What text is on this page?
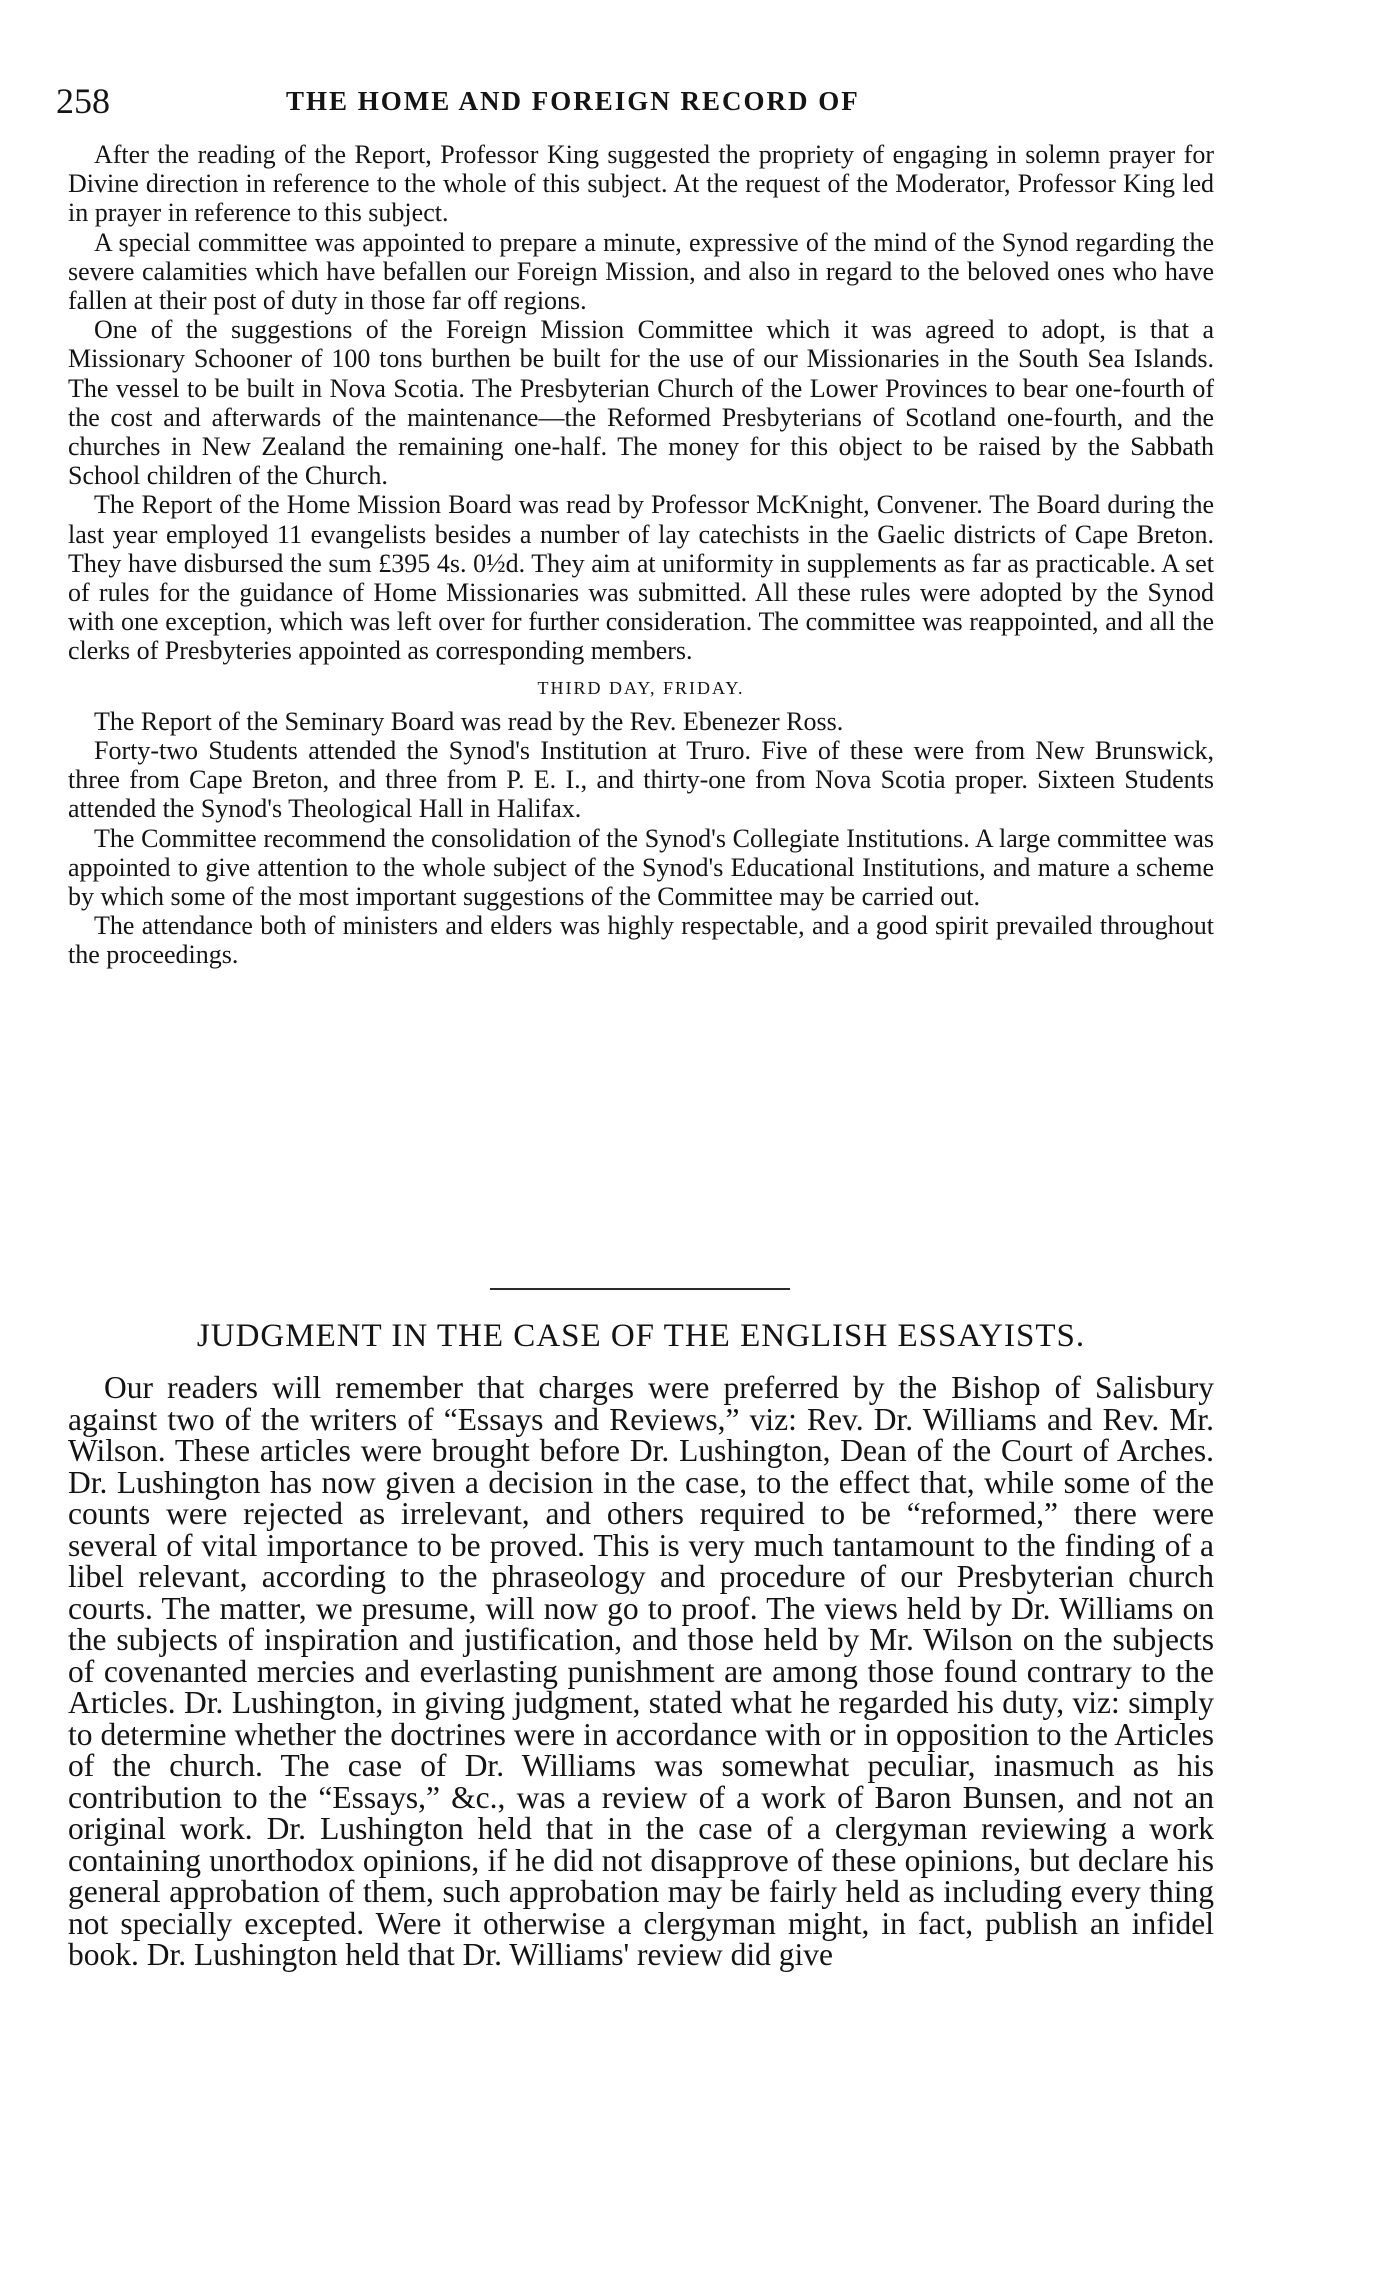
258	THE HOME AND FOREIGN RECORD OF

After the reading of the Report, Professor King suggested the propriety of engaging in solemn prayer for Divine direction in reference to the whole of this subject. At the request of the Moderator, Professor King led in prayer in reference to this subject.

A special committee was appointed to prepare a minute, expressive of the mind of the Synod regarding the severe calamities which have befallen our Foreign Mission, and also in regard to the beloved ones who have fallen at their post of duty in those far off regions.

One of the suggestions of the Foreign Mission Committee which it was agreed to adopt, is that a Missionary Schooner of 100 tons burthen be built for the use of our Missionaries in the South Sea Islands. The vessel to be built in Nova Scotia. The Presbyterian Church of the Lower Provinces to bear one-fourth of the cost and afterwards of the maintenance—the Reformed Presbyterians of Scotland one-fourth, and the churches in New Zealand the remaining one-half. The money for this object to be raised by the Sabbath School children of the Church.

The Report of the Home Mission Board was read by Professor McKnight, Convener. The Board during the last year employed 11 evangelists besides a number of lay catechists in the Gaelic districts of Cape Breton. They have disbursed the sum £395 4s. 0½d. They aim at uniformity in supplements as far as practicable. A set of rules for the guidance of Home Missionaries was submitted. All these rules were adopted by the Synod with one exception, which was left over for further consideration. The committee was reappointed, and all the clerks of Presbyteries appointed as corresponding members.

THIRD DAY, FRIDAY.

The Report of the Seminary Board was read by the Rev. Ebenezer Ross.

Forty-two Students attended the Synod's Institution at Truro. Five of these were from New Brunswick, three from Cape Breton, and three from P. E. I., and thirty-one from Nova Scotia proper. Sixteen Students attended the Synod's Theological Hall in Halifax.

The Committee recommend the consolidation of the Synod's Collegiate Institutions. A large committee was appointed to give attention to the whole subject of the Synod's Educational Institutions, and mature a scheme by which some of the most important suggestions of the Committee may be carried out.

The attendance both of ministers and elders was highly respectable, and a good spirit prevailed throughout the proceedings.

JUDGMENT IN THE CASE OF THE ENGLISH ESSAYISTS.

Our readers will remember that charges were preferred by the Bishop of Salisbury against two of the writers of “Essays and Reviews,” viz: Rev. Dr. Williams and Rev. Mr. Wilson. These articles were brought before Dr. Lushington, Dean of the Court of Arches. Dr. Lushington has now given a decision in the case, to the effect that, while some of the counts were rejected as irrelevant, and others required to be “reformed,” there were several of vital importance to be proved. This is very much tantamount to the finding of a libel relevant, according to the phraseology and procedure of our Presbyterian church courts. The matter, we presume, will now go to proof. The views held by Dr. Williams on the subjects of inspiration and justification, and those held by Mr. Wilson on the subjects of covenanted mercies and everlasting punishment are among those found contrary to the Articles. Dr. Lushington, in giving judgment, stated what he regarded his duty, viz: simply to determine whether the doctrines were in accordance with or in opposition to the Articles of the church. The case of Dr. Williams was somewhat peculiar, inasmuch as his contribution to the “Essays,” &c., was a review of a work of Baron Bunsen, and not an original work. Dr. Lushington held that in the case of a clergyman reviewing a work containing unorthodox opinions, if he did not disapprove of these opinions, but declare his general approbation of them, such approbation may be fairly held as including every thing not specially excepted. Were it otherwise a clergyman might, in fact, publish an infidel book. Dr. Lushington held that Dr. Williams' review did give
